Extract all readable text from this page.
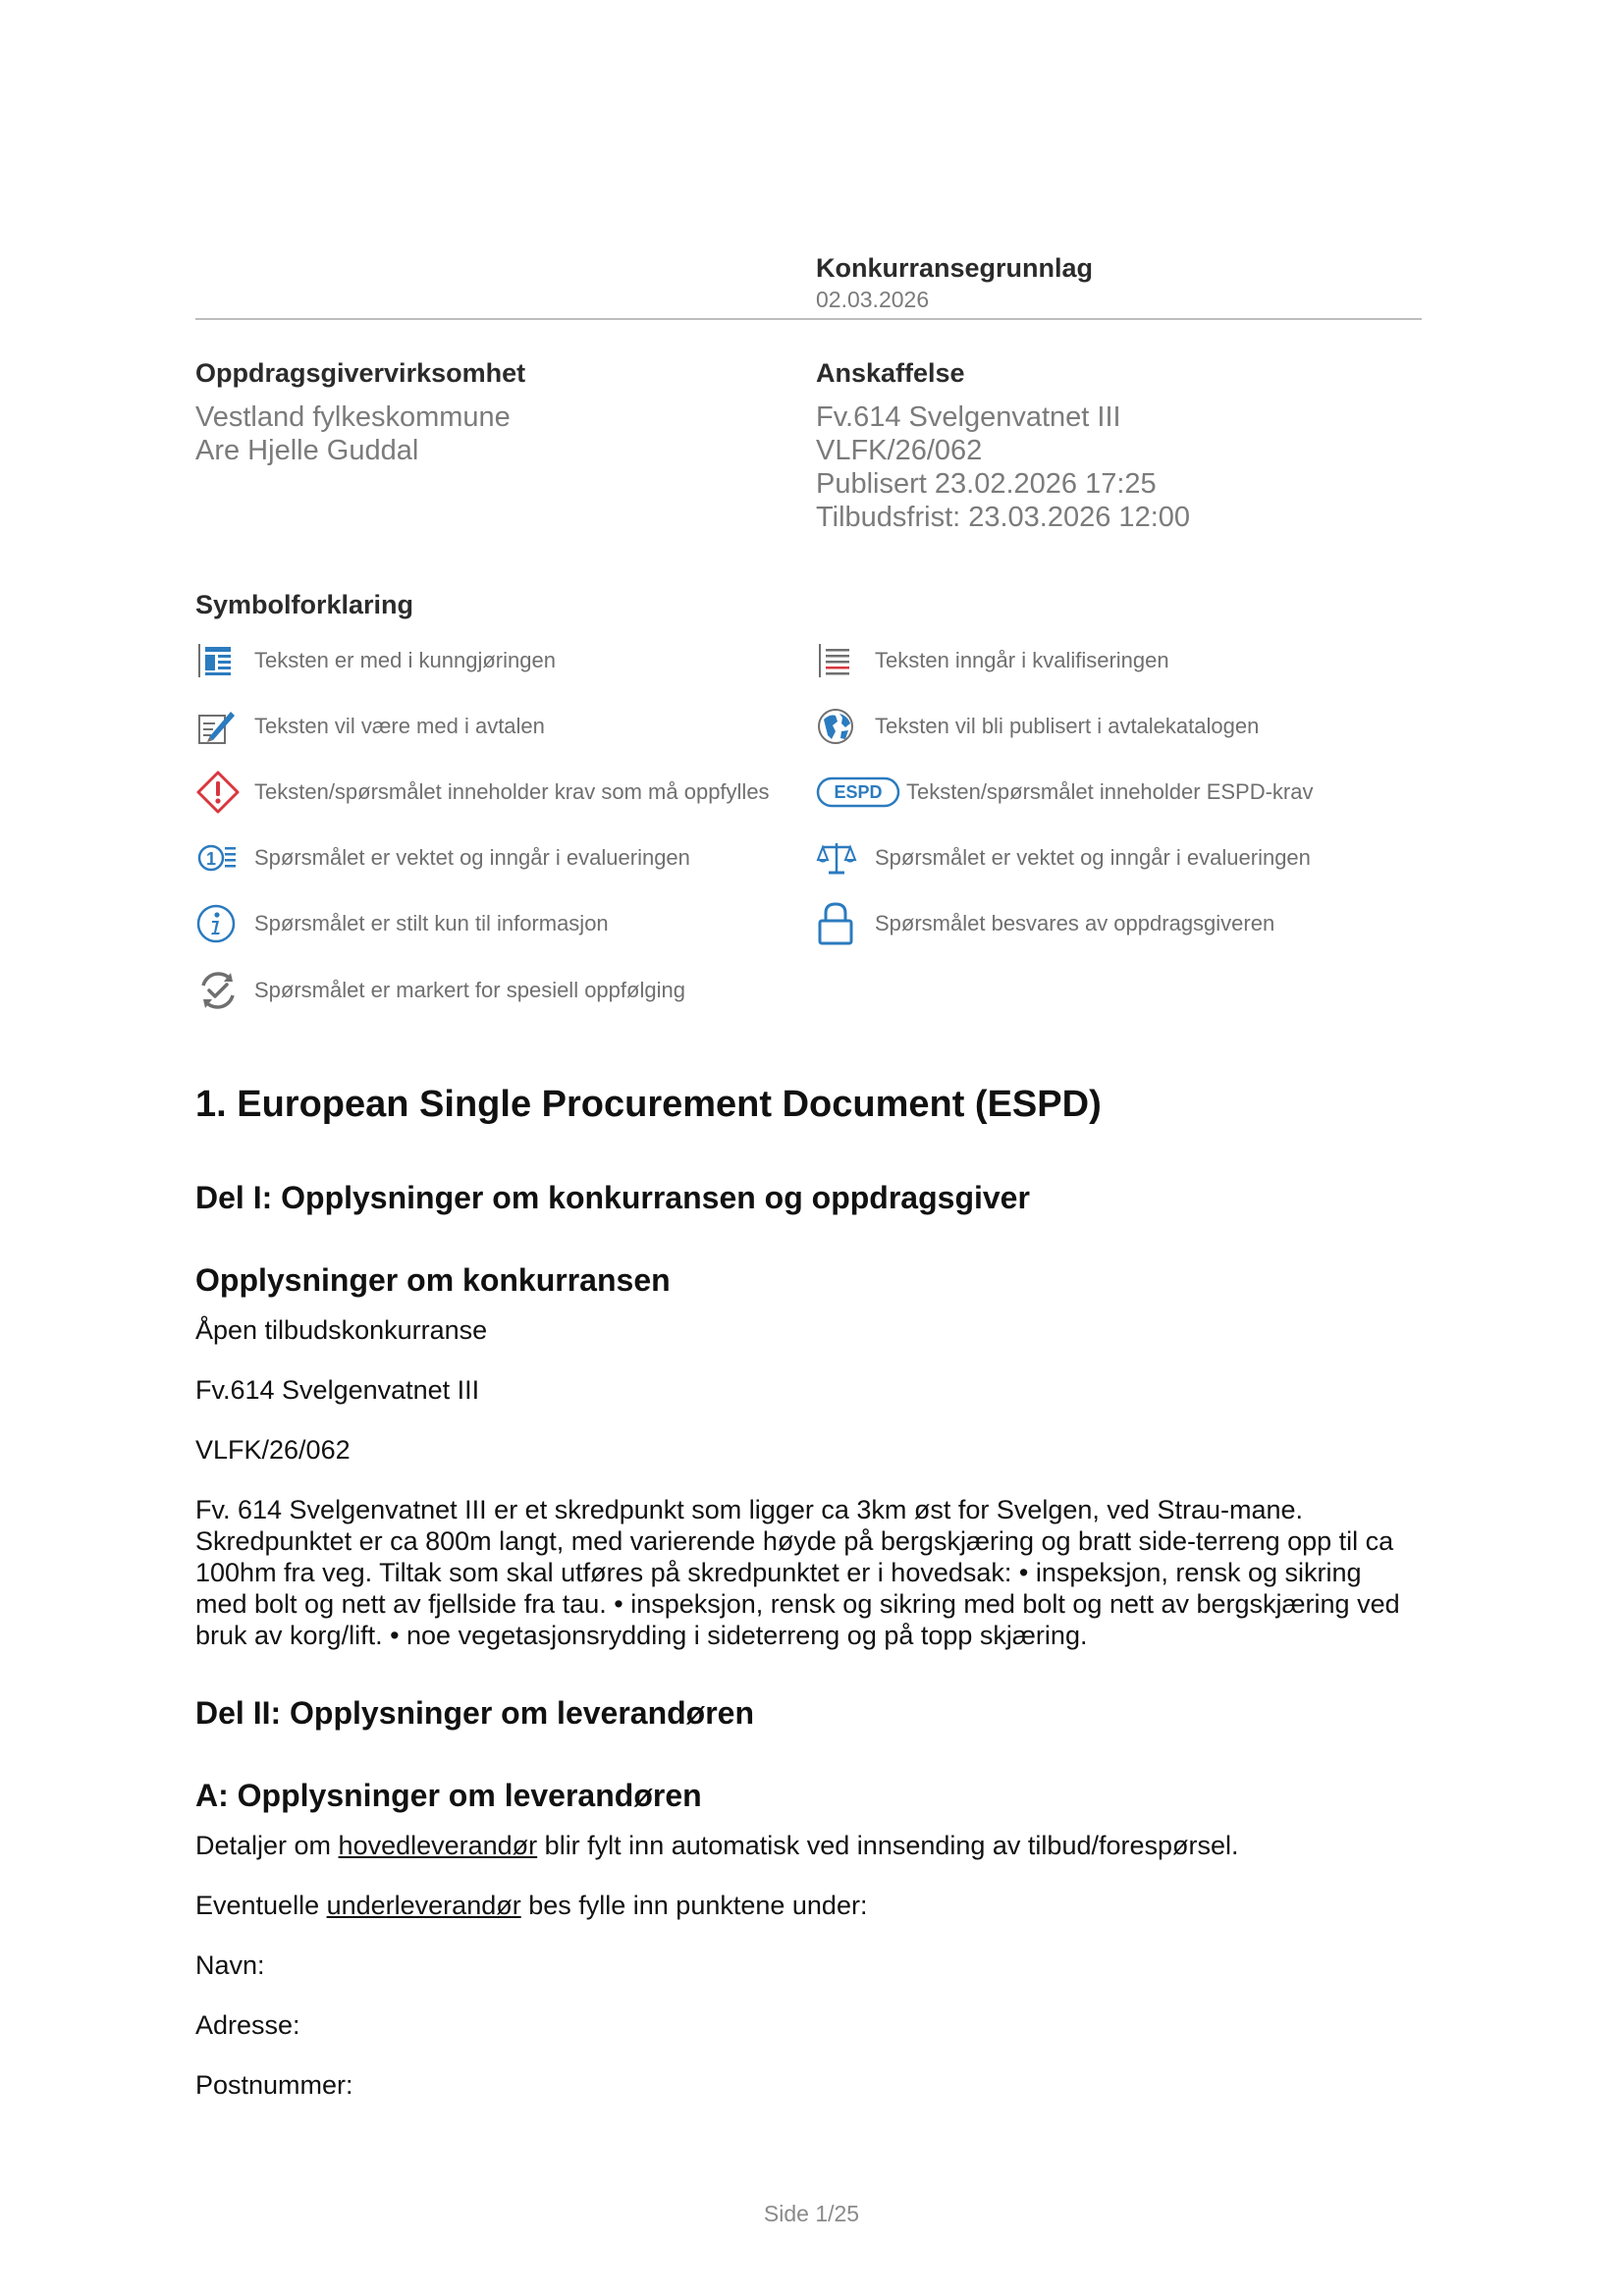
Konkurransegrunnlag
02.03.2026
Oppdragsgivervirksomhet
Vestland fylkeskommune
Are Hjelle Guddal
Anskaffelse
Fv.614 Svelgenvatnet III
VLFK/26/062
Publisert 23.02.2026 17:25
Tilbudsfrist: 23.03.2026 12:00
Symbolforklaring
Teksten er med i kunngjøringen	Teksten inngår i kvalifiseringen
Teksten vil være med i avtalen	Teksten vil bli publisert i avtalekatalogen
Teksten/spørsmålet inneholder krav som må oppfylles	ESPD Teksten/spørsmålet inneholder ESPD-krav
1 Spørsmålet er vektet og inngår i evalueringen	Spørsmålet er vektet og inngår i evalueringen
Spørsmålet er stilt kun til informasjon	Spørsmålet besvares av oppdragsgiveren
Spørsmålet er markert for spesiell oppfølging
1. European Single Procurement Document (ESPD)
Del I: Opplysninger om konkurransen og oppdragsgiver
Opplysninger om konkurransen
Åpen tilbudskonkurranse
Fv.614 Svelgenvatnet III
VLFK/26/062
Fv. 614 Svelgenvatnet III er et skredpunkt som ligger ca 3km øst for Svelgen, ved Strau-mane. Skredpunktet er ca 800m langt, med varierende høyde på bergskjæring og bratt side-terreng opp til ca 100hm fra veg. Tiltak som skal utføres på skredpunktet er i hovedsak: • inspeksjon, rensk og sikring med bolt og nett av fjellside fra tau. • inspeksjon, rensk og sikring med bolt og nett av bergskjæring ved bruk av korg/lift. • noe vegetasjonsrydding i sideterreng og på topp skjæring.
Del II: Opplysninger om leverandøren
A: Opplysninger om leverandøren
Detaljer om hovedleverandør blir fylt inn automatisk ved innsending av tilbud/forespørsel.
Eventuelle underleverandør bes fylle inn punktene under:
Navn:
Adresse:
Postnummer:
Side 1/25
